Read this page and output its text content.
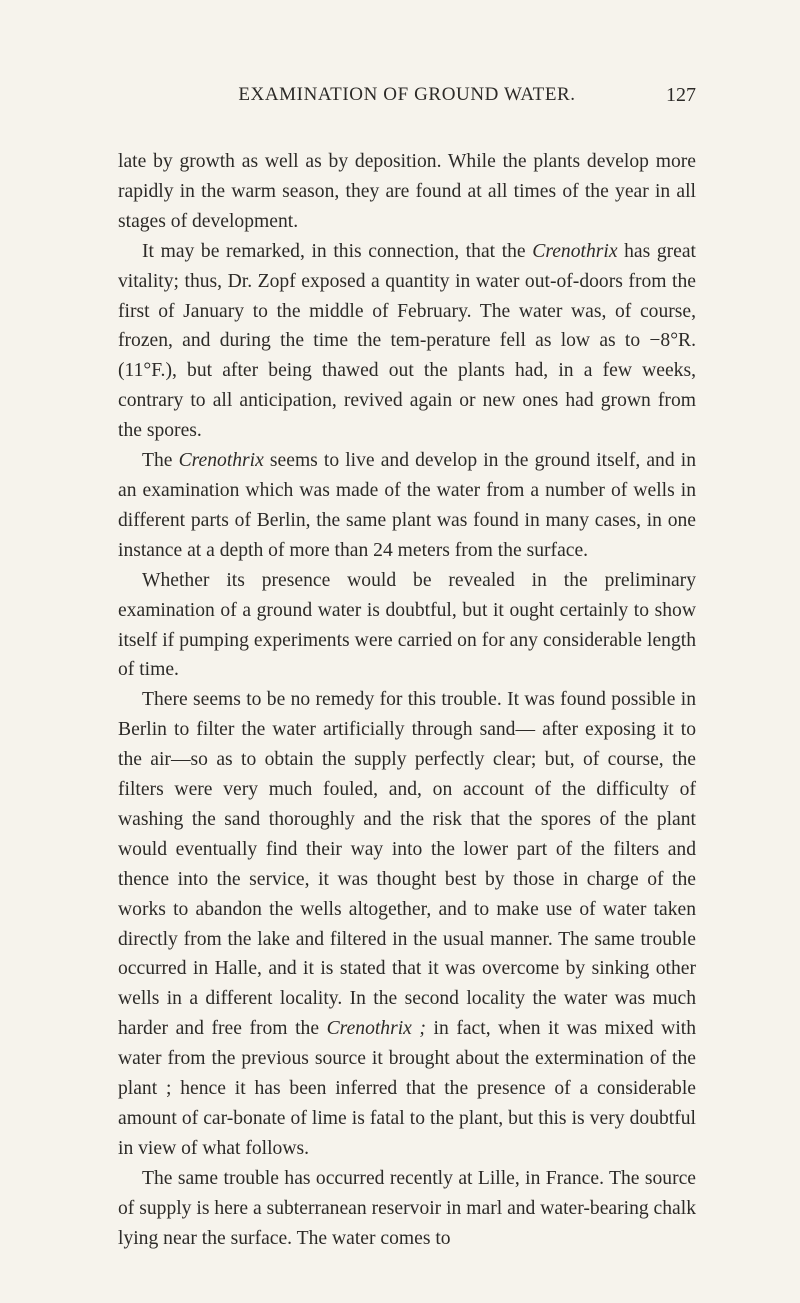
EXAMINATION OF GROUND WATER.	127

late by growth as well as by deposition. While the plants develop more rapidly in the warm season, they are found at all times of the year in all stages of development.

It may be remarked, in this connection, that the Crenothrix has great vitality; thus, Dr. Zopf exposed a quantity in water out-of-doors from the first of January to the middle of February. The water was, of course, frozen, and during the time the tem-perature fell as low as to −8°R. (11°F.), but after being thawed out the plants had, in a few weeks, contrary to all anticipation, revived again or new ones had grown from the spores.

The Crenothrix seems to live and develop in the ground itself, and in an examination which was made of the water from a number of wells in different parts of Berlin, the same plant was found in many cases, in one instance at a depth of more than 24 meters from the surface.

Whether its presence would be revealed in the preliminary examination of a ground water is doubtful, but it ought certainly to show itself if pumping experiments were carried on for any considerable length of time.

There seems to be no remedy for this trouble. It was found possible in Berlin to filter the water artificially through sand— after exposing it to the air—so as to obtain the supply perfectly clear; but, of course, the filters were very much fouled, and, on account of the difficulty of washing the sand thoroughly and the risk that the spores of the plant would eventually find their way into the lower part of the filters and thence into the service, it was thought best by those in charge of the works to abandon the wells altogether, and to make use of water taken directly from the lake and filtered in the usual manner. The same trouble occurred in Halle, and it is stated that it was overcome by sinking other wells in a different locality. In the second locality the water was much harder and free from the Crenothrix ; in fact, when it was mixed with water from the previous source it brought about the extermination of the plant ; hence it has been inferred that the presence of a considerable amount of car-bonate of lime is fatal to the plant, but this is very doubtful in view of what follows.

The same trouble has occurred recently at Lille, in France. The source of supply is here a subterranean reservoir in marl and water-bearing chalk lying near the surface. The water comes to
